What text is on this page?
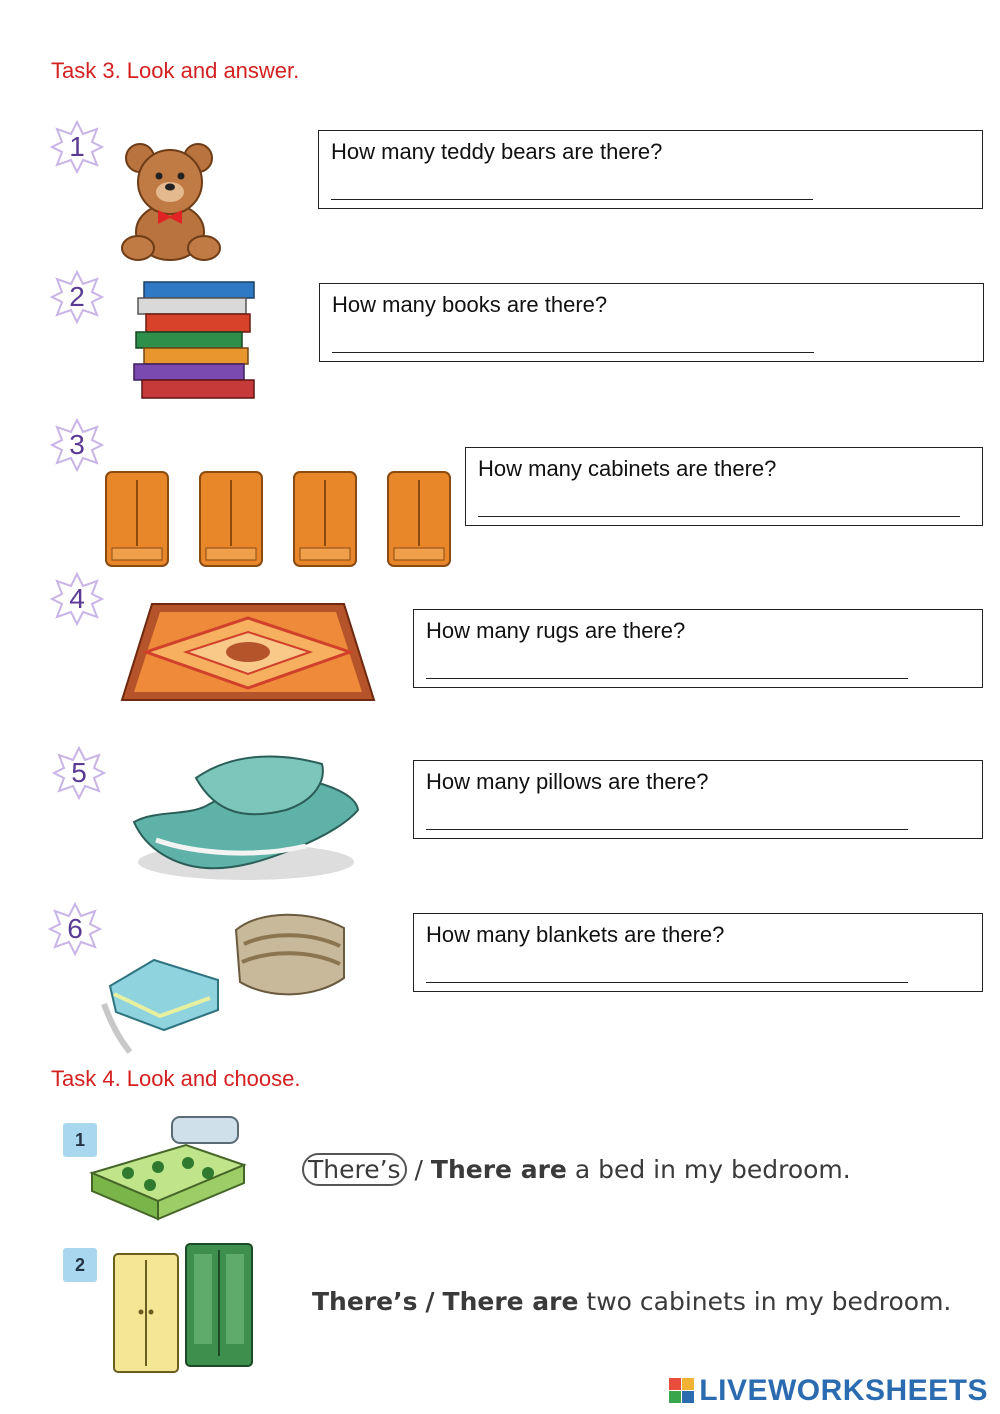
Task 3. Look and answer.
1	How many teddy bears are there?
2	How many books are there?
3
How many cabinets are there?
4
How many rugs are there?
5	How many pillows are there?
6	How many blankets are there?
Task 4. Look and choose.
1
There’s / There are a bed in my bedroom.
2
There’s / There are two cabinets in my bedroom.
LIVEWORKSHEETS
